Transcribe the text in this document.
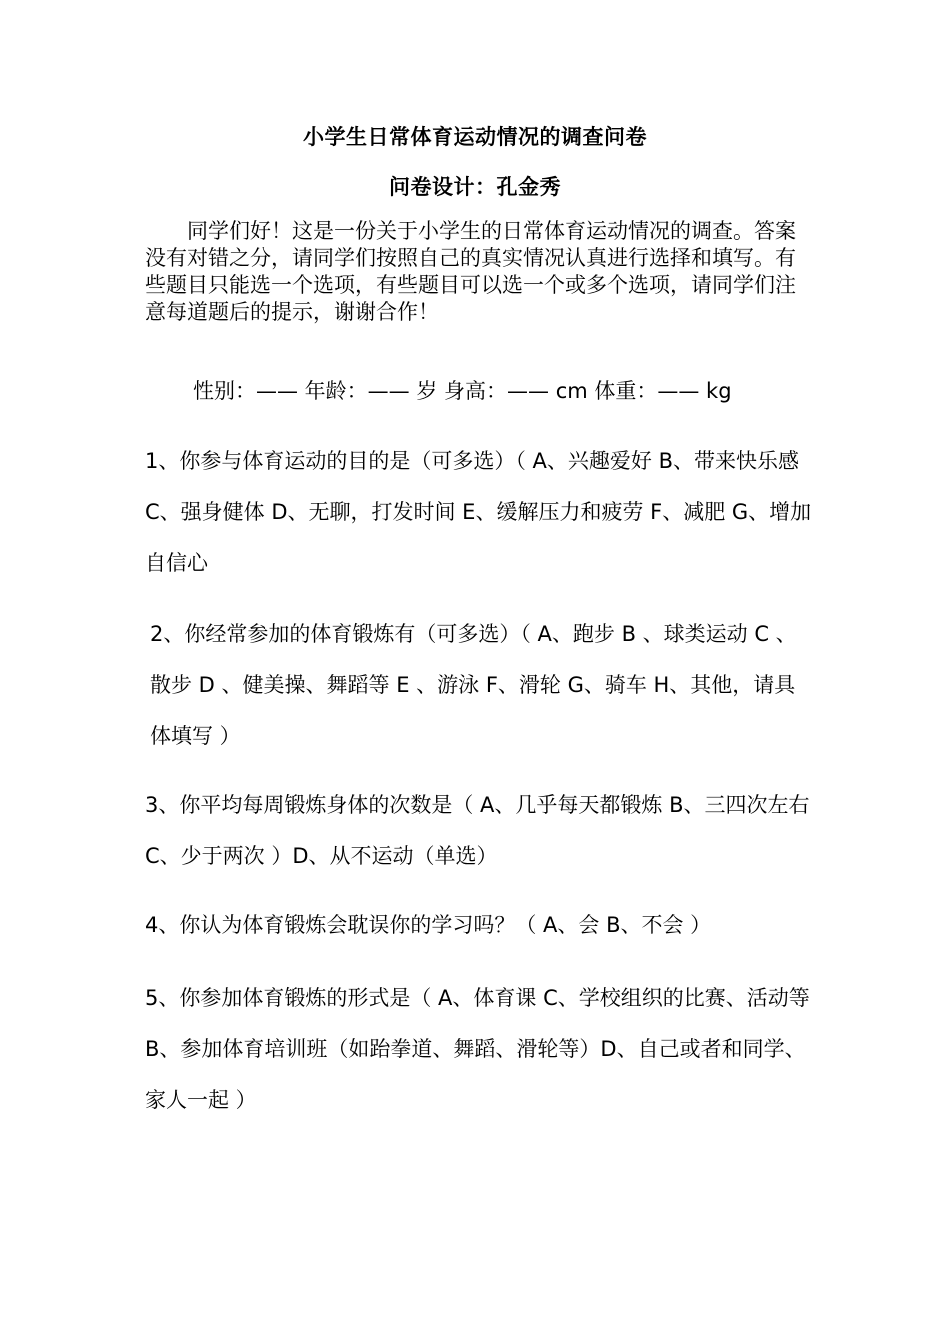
小学生日常体育运动情况的调查问卷
问卷设计：孔金秀

同学们好！这是一份关于小学生的日常体育运动情况的调查。答案没有对错之分，请同学们按照自己的真实情况认真进行选择和填写。有些题目只能选一个选项，有些题目可以选一个或多个选项，请同学们注意每道题后的提示，谢谢合作！

性别：—— 年龄：—— 岁 身高：—— cm 体重：—— kg

1、你参与体育运动的目的是（可多选）（ A、兴趣爱好 B、带来快乐感 C、强身健体 D、无聊，打发时间 E、缓解压力和疲劳 F、减肥 G、增加自信心

2、你经常参加的体育锻炼有（可多选）（ A、跑步 B 、球类运动 C 、散步 D 、健美操、舞蹈等 E 、游泳 F、滑轮 G、骑车 H、其他，请具体填写 ）

3、你平均每周锻炼身体的次数是（ A、几乎每天都锻炼 B、三四次左右 C、少于两次 ）D、从不运动（单选）

4、你认为体育锻炼会耽误你的学习吗？（ A、会 B、不会 ）

5、你参加体育锻炼的形式是（ A、体育课 C、学校组织的比赛、活动等 B、参加体育培训班（如跆拳道、舞蹈、滑轮等）D、自己或者和同学、家人一起 ）
